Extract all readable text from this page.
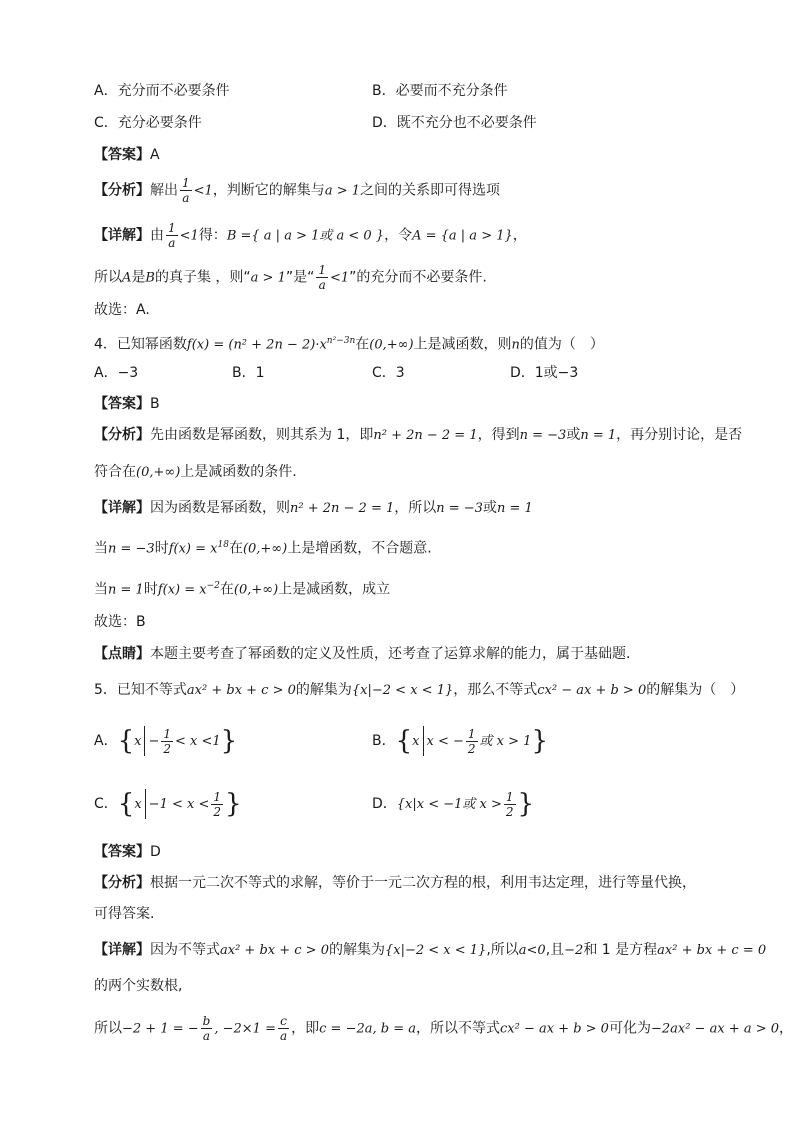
A．充分而不必要条件	B．必要而不充分条件
C．充分必要条件	D．既不充分也不必要条件
【答案】A
【分析】解出 $\frac{1}{a} <1$，判断它的解集与a > 1之间的关系即可得选项
【详解】由 $\frac{1}{a} <1$得：B ={ a | a > 1或 a < 0 }，令A = {a | a > 1}，
所以A是B的真子集 ，则“a > 1”是“ $\frac{1}{a} <1$”的充分而不必要条件.
故选：A.
4．已知幂函数$f(x) = (n^2 + 2n - 2)\cdot x^{n^2-3n}$在(0,+∞)上是减函数，则n的值为（　）
A．−3	B．1	C．3	D．1或−3
【答案】B
【分析】先由函数是幂函数，则其系为 1，即n² + 2n − 2 = 1，得到n = −3或n = 1，再分别讨论，是否
符合在(0,+∞)上是减函数的条件.
【详解】因为函数是幂函数，则n² + 2n − 2 = 1，所以n = −3或n = 1
当n = −3时$f(x) = x^{18}$在(0,+∞)上是增函数，不合题意.
当n = 1时$f(x) = x^{-2}$在(0,+∞)上是减函数，成立
故选：B
【点睛】本题主要考查了幂函数的定义及性质，还考查了运算求解的能力，属于基础题.
5．已知不等式ax² + bx + c > 0的解集为{x|−2 < x < 1}，那么不等式cx² − ax + b > 0的解集为（　）
A．$\{x - \frac{1}{2} < x <1\}$	B．{x x < − $\frac{1}{2}$ 或 x > 1}
C．{$x -1 < x < \frac{1}{2}$ }	D．{x|x < −1或 $x > \frac{1}{2}$ }
【答案】D
【分析】根据一元二次不等式的求解，等价于一元二次方程的根，利用韦达定理，进行等量代换，
可得答案.
【详解】因为不等式ax² + bx + c > 0的解集为{x|−2 < x < 1},所以a<0,且−2和 1 是方程ax² + bx + c = 0
的两个实数根,
所以−2 + 1 = − $\frac{b}{a}$ , $-2\times 1 = \frac{c}{a}$ ，即c = −2a, b = a，所以不等式cx² − ax + b > 0可化为−2ax² − ax + a > 0，
